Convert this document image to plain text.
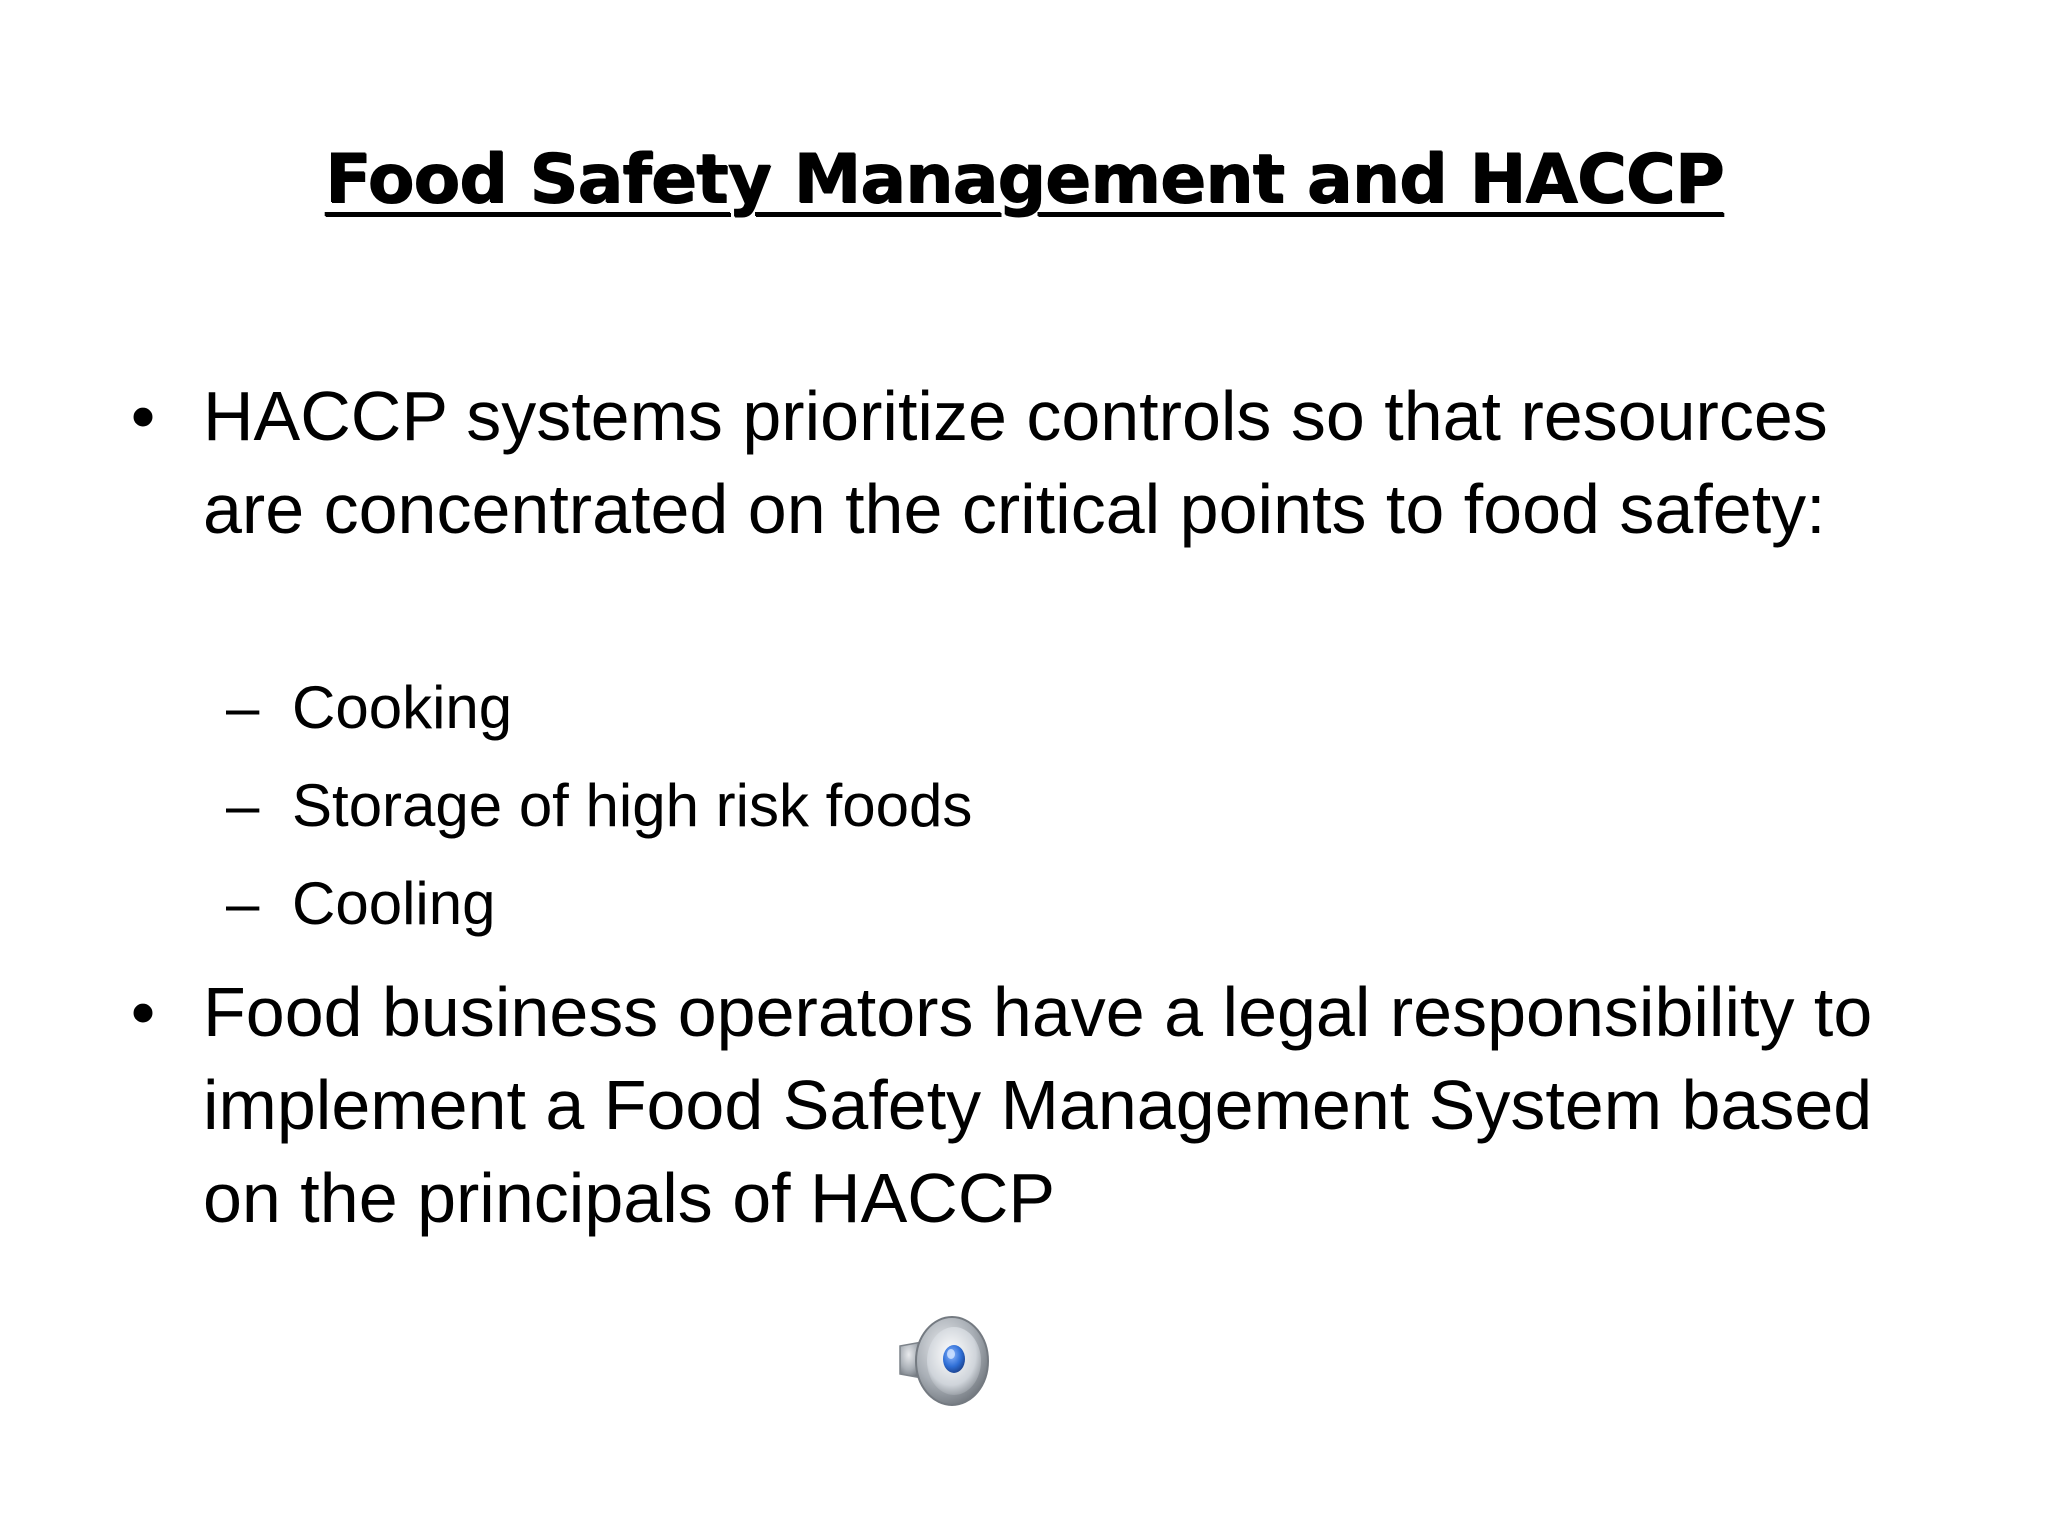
Food Safety Management and HACCP
• HACCP systems prioritize controls so that resources are concentrated on the critical points to food safety:
– Cooking
– Storage of high risk foods
– Cooling
• Food business operators have a legal responsibility to implement a Food Safety Management System based on the principals of HACCP
